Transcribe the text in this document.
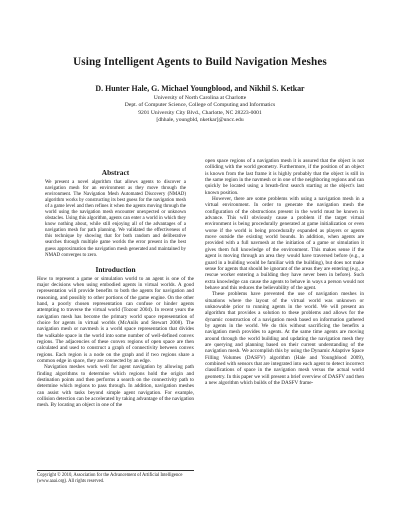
Using Intelligent Agents to Build Navigation Meshes
D. Hunter Hale, G. Michael Youngblood, and Nikhil S. Ketkar
University of North Carolina at Charlotte
Dept. of Computer Science, College of Computing and Informatics
9201 University City Blvd., Charlotte, NC 28223-0001
[dhhale, youngbld, nketkar]@uncc.edu
Abstract

We present a novel algorithm that allows agents to discover a navigation mesh for an environment as they move through the environment. The Navigation Mesh Automated Discovery (NMAD) algorithm works by constructing its best guess for the navigation mesh of a game level and then refines it when the agents moving through the world using the navigation mesh encounter unexpected or unknown obstacles. Using this algorithm, agents can enter a world in which they know nothing about, while still enjoying all of the advantages of a navigation mesh for path planning. We validated the effectiveness of this technique by showing that for both random and deliberative searches through multiple game worlds the error present in the best guess approximation the navigation mesh generated and maintained by NMAD converges to zero.

Introduction

How to represent a game or simulation world to an agent is one of the major decisions when using embodied agents in virtual worlds. A good representation will provide benefits to both the agents for navigation and reasoning, and possibly to other portions of the game engine. On the other hand, a poorly chosen representation can confuse or hinder agents attempting to traverse the virtual world (Tozour 2004). In recent years the navigation mesh has become the primary world space representation of choice for agents in virtual worlds (McAnils and Stewart 2008). The navigation mesh or navmesh is a world space representation that divides the walkable space in the world into some number of well-defined convex regions. The adjacencies of these convex regions of open space are then calculated and used to construct a graph of connectivity between convex regions. Each region is a node on the graph and if two regions share a common edge in space, they are connected by an edge.

Navigation meshes work well for agent navigation by allowing path finding algorithms to determine which regions hold the origin and destination points and then performs a search on the connectivity path to determine which regions to pass through. In addition, navigation meshes can assist with tasks beyond simple agent navigation. For example, collision detection can be accelerated by taking advantage of the navigation mesh. By locating an object in one of the

open space regions of a navigation mesh it is assured that the object is not colliding with the world geometry. Furthermore, if the position of an object is known from the last frame it is highly probably that the object is still in the same region in the navmesh or in one of the neighboring regions and can quickly be located using a breath-first search starting at the object's last known position.

However, there are some problems with using a navigation mesh in a virtual environment. In order to generate the navigation mesh the configuration of the obstructions present in the world must be known in advance. This will obviously cause a problem if the target virtual environment is being procedurally generated at game initialization or even worse if the world is being procedurally expanded as players or agents move outside the existing world bounds. In addition, when agents are provided with a full navmesh at the initiation of a game or simulation it gives them full knowledge of the environment. This makes sense if the agent is moving through an area they would have traversed before (e.g., a guard in a building would be familiar with the building), but does not make sense for agents that should be ignorant of the areas they are entering (e.g., a rescue worker entering a building they have never been in before). Such extra knowledge can cause the agents to behave in ways a person would not behave and this reduces the believability of the agent.

These problems have prevented the use of navigation meshes in situations where the layout of the virtual world was unknown or unknowable prior to running agents in the world. We will present an algorithm that provides a solution to these problems and allows for the dynamic construction of a navigation mesh based on information gathered by agents in the world. We do this without sacrificing the benefits a navigation mesh provides to agents. At the same time agents are moving around through the world building and updating the navigation mesh they are querying and planning based on their current understanding of the navigation mesh. We accomplish this by using the Dynamic Adaptive Space Filling Volumes (DASFV) algorithm (Hale and Youngblood 2009), combined with sensors that are integrated into each agent to detect incorrect classifications of space in the navigation mesh versus the actual world geometry. In this paper we will present a brief overview of DASFV and then a new algorithm which builds of the DASFV frame-

Copyright © 2010, Association for the Advancement of Artificial Intelligence (www.aaai.org). All rights reserved.
